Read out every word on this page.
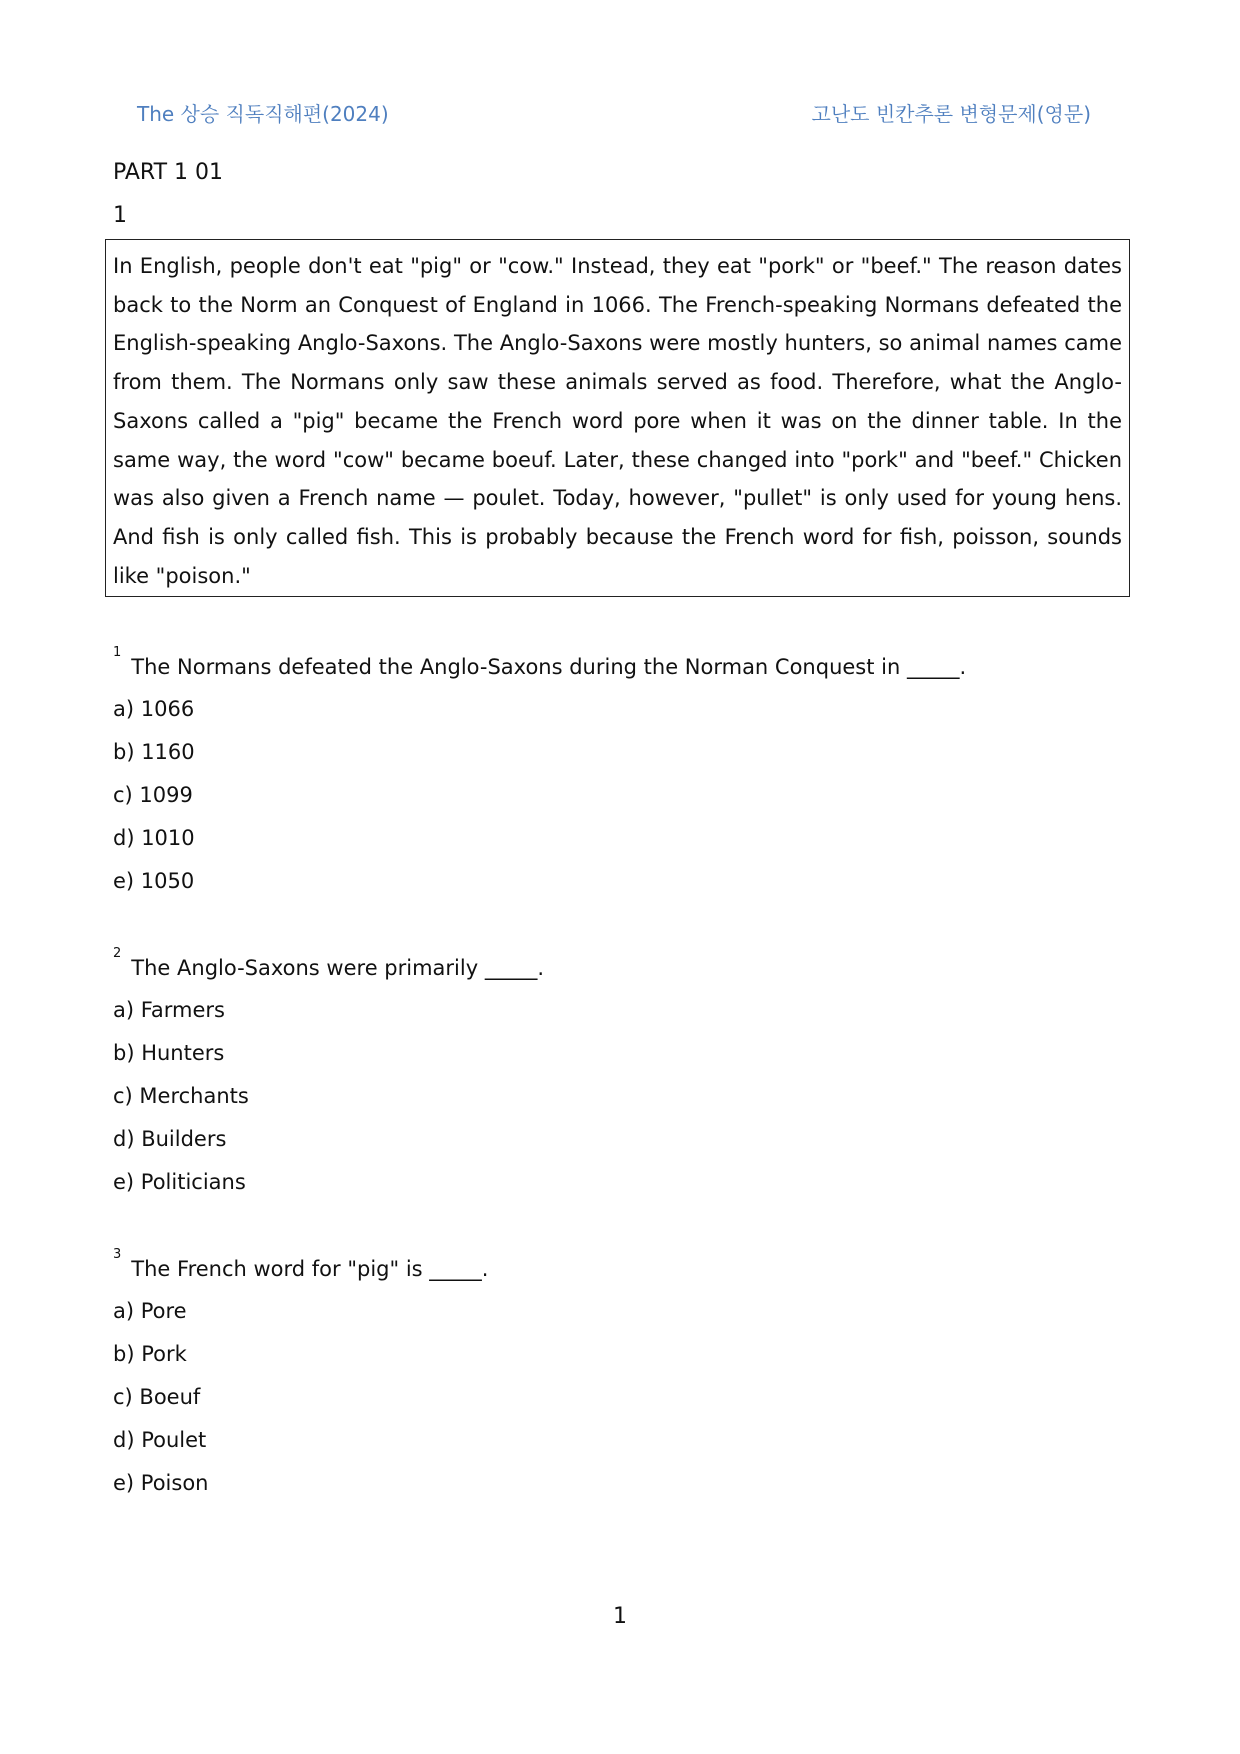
The 상승 직독직해편(2024)	고난도 빈칸추론 변형문제(영문)
PART 1 01
1

In English, people don't eat "pig" or "cow." Instead, they eat "pork" or "beef." The reason dates back to the Norm an Conquest of England in 1066. The French-speaking Normans defeated the English-speaking Anglo-Saxons. The Anglo-Saxons were mostly hunters, so animal names came from them. The Normans only saw these animals served as food. Therefore, what the Anglo-Saxons called a "pig" became the French word pore when it was on the dinner table. In the same way, the word "cow" became boeuf. Later, these changed into "pork" and "beef." Chicken was also given a French name — poulet. Today, however, "pullet" is only used for young hens. And fish is only called fish. This is probably because the French word for fish, poisson, sounds like "poison."

$^1$The Normans defeated the Anglo-Saxons during the Norman Conquest in _____.
a) 1066
b) 1160
c) 1099
d) 1010
e) 1050
$^2$The Anglo-Saxons were primarily _____.
a) Farmers
b) Hunters
c) Merchants
d) Builders
e) Politicians
$^3$The French word for "pig" is _____.
a) Pore
b) Pork
c) Boeuf
d) Poulet
e) Poison
1
